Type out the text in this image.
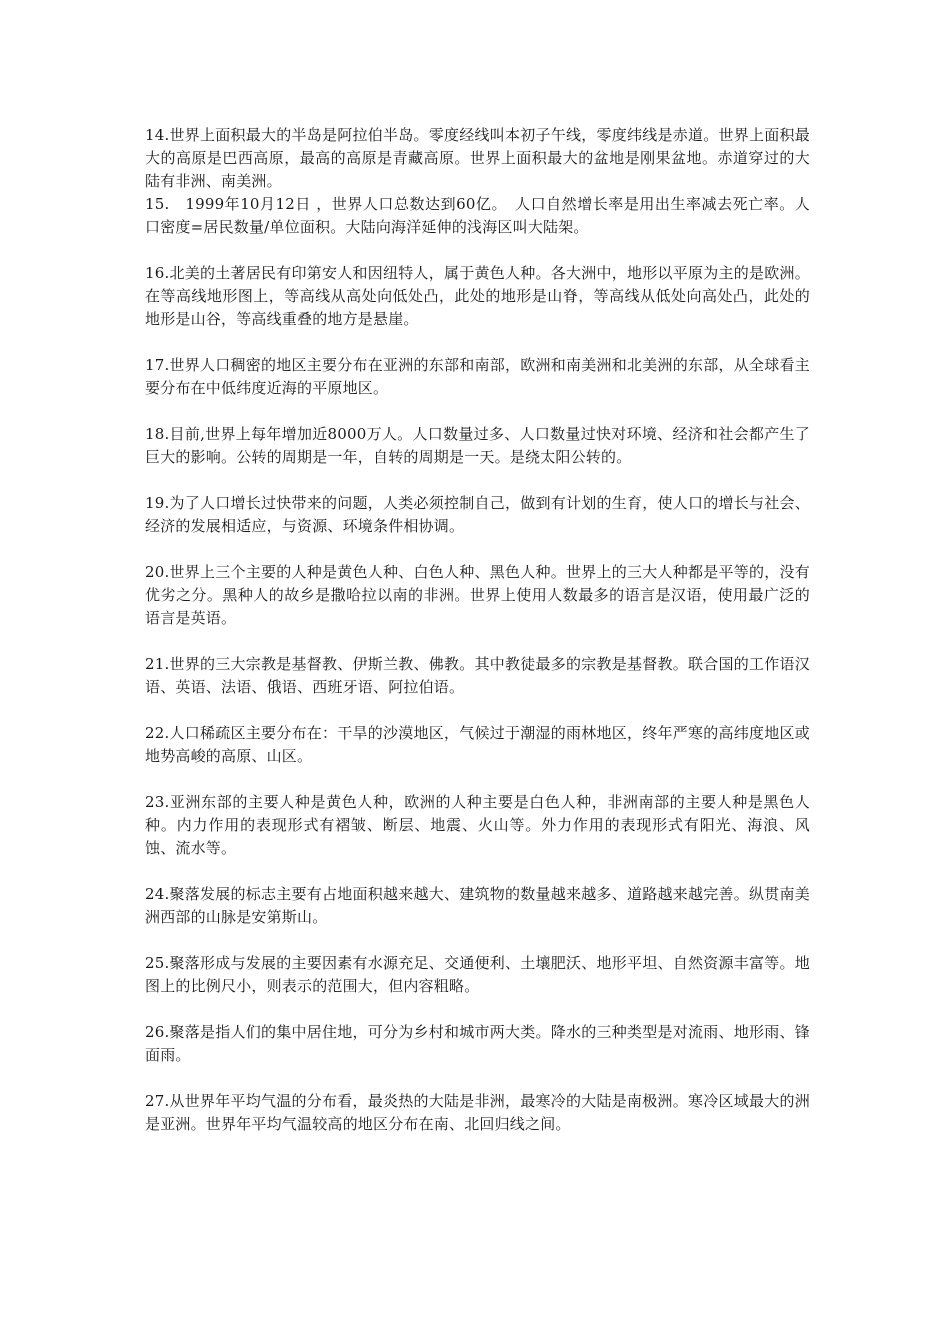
14.世界上面积最大的半岛是阿拉伯半岛。零度经线叫本初子午线，零度纬线是赤道。世界上面积最大的高原是巴西高原，最高的高原是青藏高原。世界上面积最大的盆地是刚果盆地。赤道穿过的大陆有非洲、南美洲。

15.　1999年10月12日 ，世界人口总数达到60亿。　人口自然增长率是用出生率减去死亡率。人口密度=居民数量/单位面积。大陆向海洋延伸的浅海区叫大陆架。

16.北美的土著居民有印第安人和因纽特人，属于黄色人种。各大洲中，地形以平原为主的是欧洲。在等高线地形图上，等高线从高处向低处凸，此处的地形是山脊，等高线从低处向高处凸，此处的地形是山谷，等高线重叠的地方是悬崖。

17.世界人口稠密的地区主要分布在亚洲的东部和南部，欧洲和南美洲和北美洲的东部，从全球看主要分布在中低纬度近海的平原地区。

18.目前,世界上每年增加近8000万人。人口数量过多、人口数量过快对环境、经济和社会都产生了巨大的影响。公转的周期是一年，自转的周期是一天。是绕太阳公转的。

19.为了人口增长过快带来的问题，人类必须控制自己，做到有计划的生育，使人口的增长与社会、经济的发展相适应，与资源、环境条件相协调。

20.世界上三个主要的人种是黄色人种、白色人种、黑色人种。世界上的三大人种都是平等的，没有优劣之分。黑种人的故乡是撒哈拉以南的非洲。世界上使用人数最多的语言是汉语，使用最广泛的语言是英语。

21.世界的三大宗教是基督教、伊斯兰教、佛教。其中教徒最多的宗教是基督教。联合国的工作语汉语、英语、法语、俄语、西班牙语、阿拉伯语。

22.人口稀疏区主要分布在：干旱的沙漠地区，气候过于潮湿的雨林地区，终年严寒的高纬度地区或地势高峻的高原、山区。

23.亚洲东部的主要人种是黄色人种，欧洲的人种主要是白色人种，非洲南部的主要人种是黑色人种。内力作用的表现形式有褶皱、断层、地震、火山等。外力作用的表现形式有阳光、海浪、风蚀、流水等。

24.聚落发展的标志主要有占地面积越来越大、建筑物的数量越来越多、道路越来越完善。纵贯南美洲西部的山脉是安第斯山。

25.聚落形成与发展的主要因素有水源充足、交通便利、土壤肥沃、地形平坦、自然资源丰富等。地图上的比例尺小，则表示的范围大，但内容粗略。

26.聚落是指人们的集中居住地，可分为乡村和城市两大类。降水的三种类型是对流雨、地形雨、锋面雨。

27.从世界年平均气温的分布看，最炎热的大陆是非洲，最寒冷的大陆是南极洲。寒冷区域最大的洲是亚洲。世界年平均气温较高的地区分布在南、北回归线之间。
